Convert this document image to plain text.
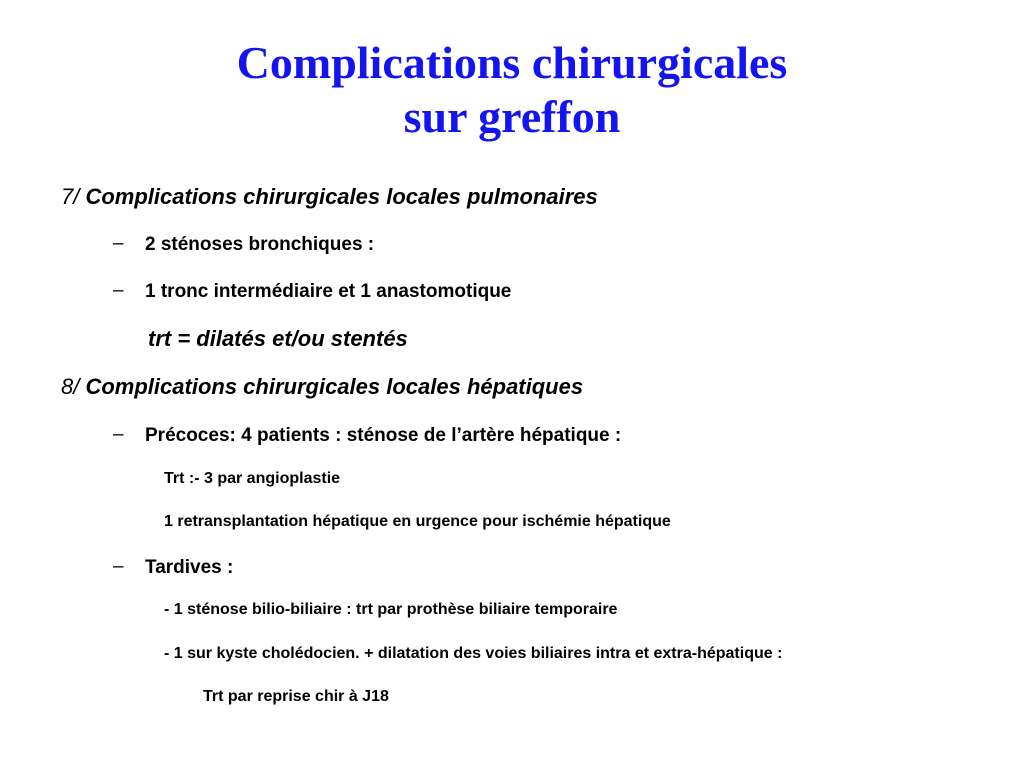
Complications chirurgicales
sur greffon
7/ Complications chirurgicales locales pulmonaires
– 2 sténoses bronchiques :
– 1 tronc intermédiaire et 1 anastomotique
trt = dilatés et/ou stentés
8/ Complications chirurgicales locales hépatiques
– Précoces: 4 patients : sténose de l’artère hépatique :
Trt :- 3 par angioplastie
1 retransplantation hépatique en urgence pour ischémie hépatique
– Tardives :
- 1 sténose bilio-biliaire : trt par prothèse biliaire temporaire
- 1 sur kyste cholédocien. + dilatation des voies biliaires intra et extra-hépatique :
Trt par reprise chir à J18
